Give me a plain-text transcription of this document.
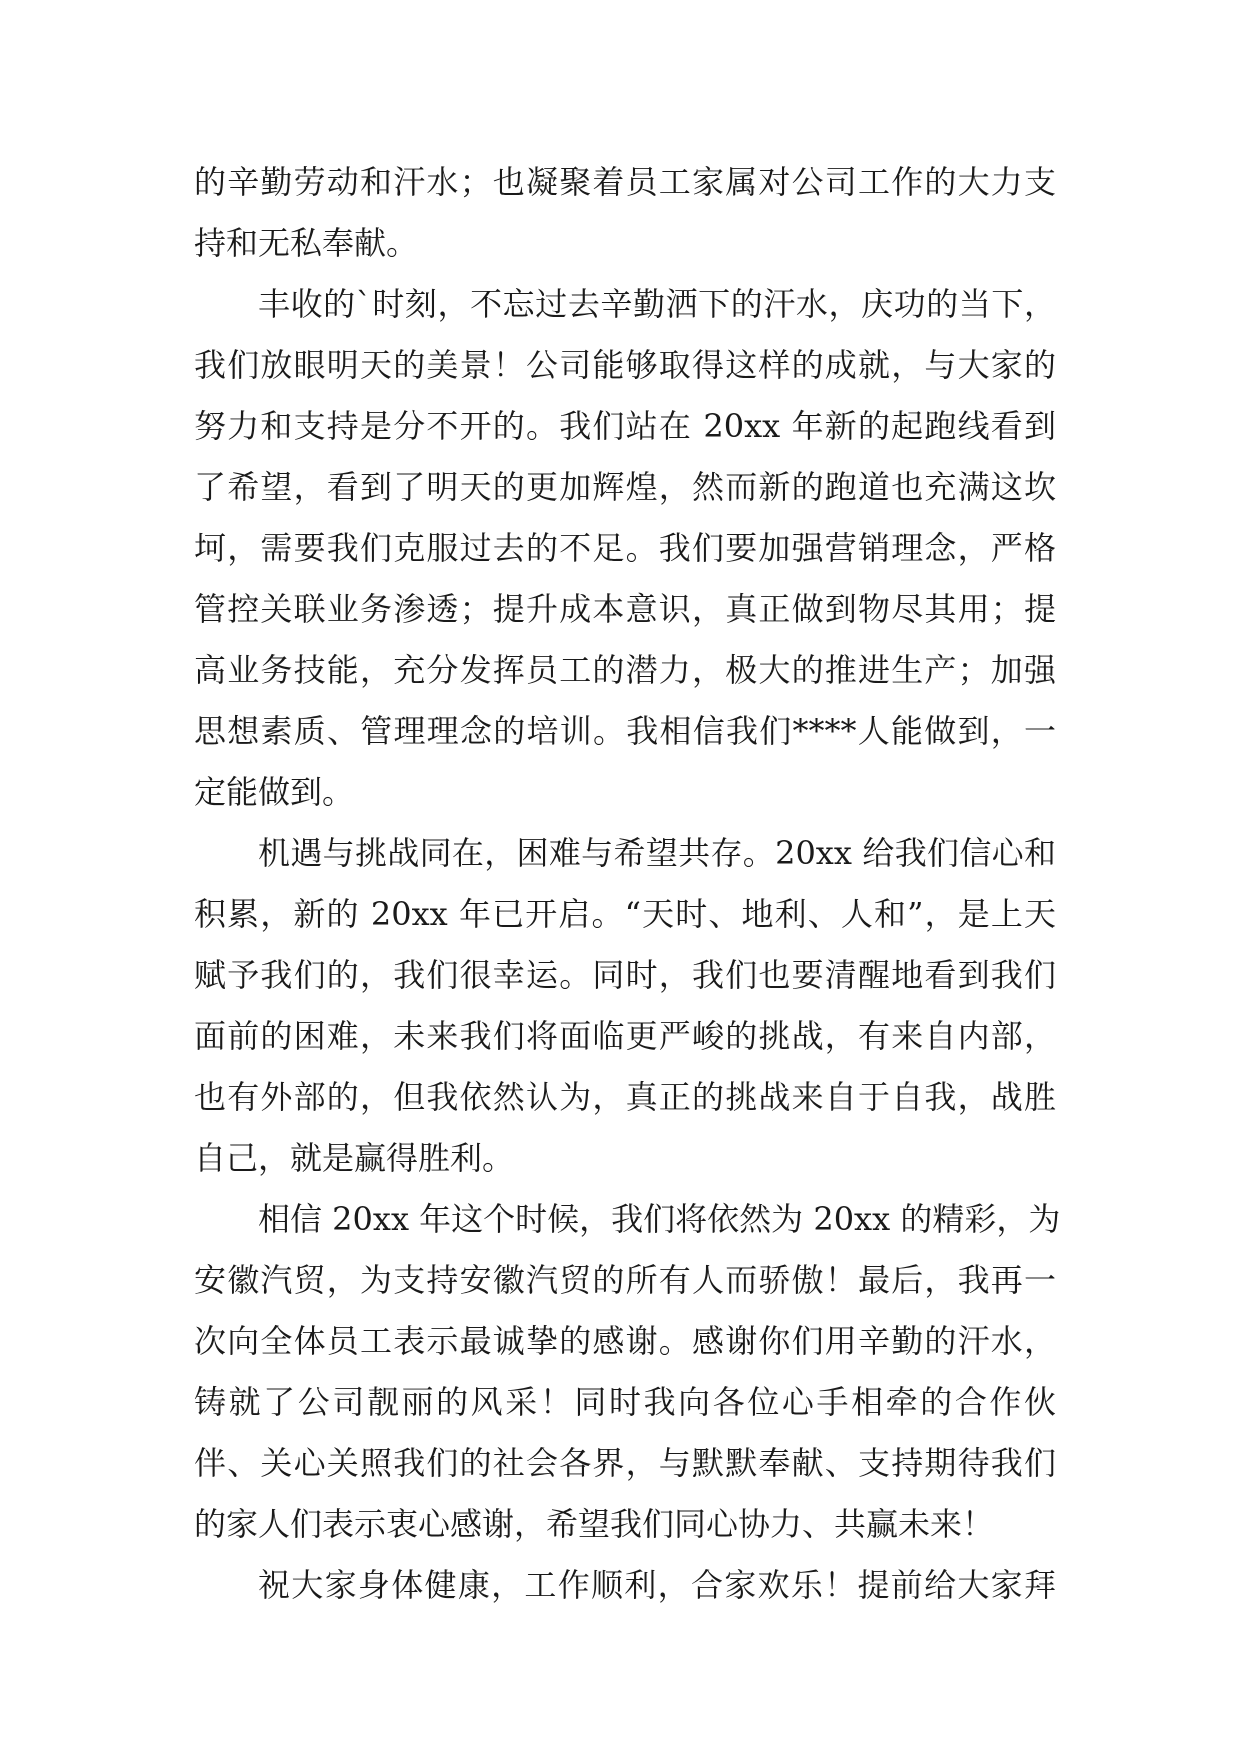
的辛勤劳动和汗水；也凝聚着员工家属对公司工作的大力支
持和无私奉献。
丰收的`时刻，不忘过去辛勤洒下的汗水，庆功的当下，
我们放眼明天的美景！公司能够取得这样的成就，与大家的
努力和支持是分不开的。我们站在 20xx 年新的起跑线看到
了希望，看到了明天的更加辉煌，然而新的跑道也充满这坎
坷，需要我们克服过去的不足。我们要加强营销理念，严格
管控关联业务渗透；提升成本意识，真正做到物尽其用；提
高业务技能，充分发挥员工的潜力，极大的推进生产；加强
思想素质、管理理念的培训。我相信我们****人能做到，一
定能做到。
机遇与挑战同在，困难与希望共存。20xx 给我们信心和
积累，新的 20xx 年已开启。“天时、地利、人和”，是上天
赋予我们的，我们很幸运。同时，我们也要清醒地看到我们
面前的困难，未来我们将面临更严峻的挑战，有来自内部，
也有外部的，但我依然认为，真正的挑战来自于自我，战胜
自己，就是赢得胜利。
相信 20xx 年这个时候，我们将依然为 20xx 的精彩，为
安徽汽贸，为支持安徽汽贸的所有人而骄傲！最后，我再一
次向全体员工表示最诚挚的感谢。感谢你们用辛勤的汗水，
铸就了公司靓丽的风采！同时我向各位心手相牵的合作伙
伴、关心关照我们的社会各界，与默默奉献、支持期待我们
的家人们表示衷心感谢，希望我们同心协力、共赢未来！
祝大家身体健康，工作顺利，合家欢乐！提前给大家拜
